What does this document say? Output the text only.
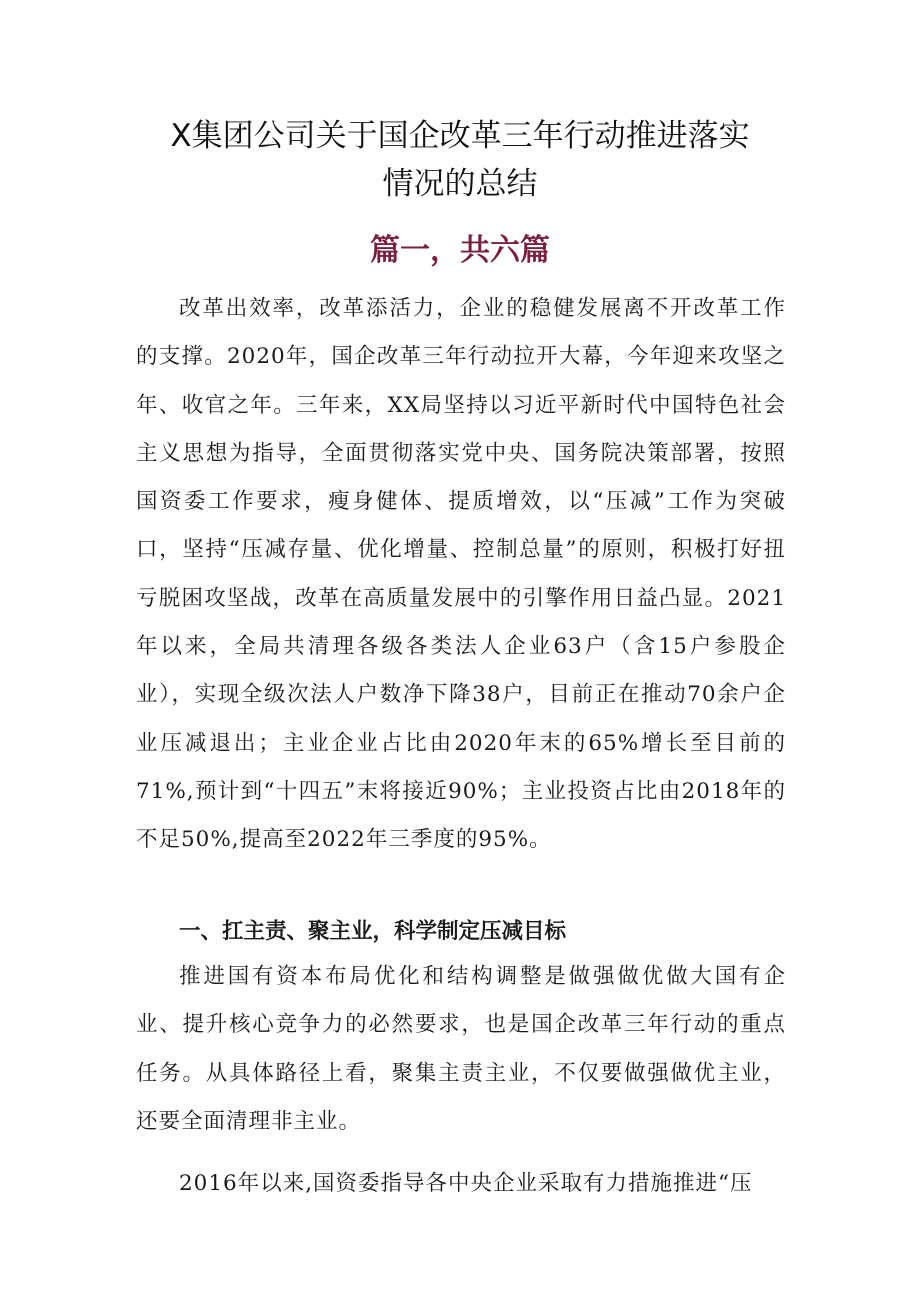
X集团公司关于国企改革三年行动推进落实
情况的总结
篇一，共六篇

改革出效率，改革添活力，企业的稳健发展离不开改革工作的支撑。2020年，国企改革三年行动拉开大幕，今年迎来攻坚之年、收官之年。三年来，XX局坚持以习近平新时代中国特色社会主义思想为指导，全面贯彻落实党中央、国务院决策部署，按照国资委工作要求，瘦身健体、提质增效，以“压减”工作为突破口，坚持“压减存量、优化增量、控制总量”的原则，积极打好扭亏脱困攻坚战，改革在高质量发展中的引擎作用日益凸显。2021年以来，全局共清理各级各类法人企业63户（含15户参股企业），实现全级次法人户数净下降38户，目前正在推动70余户企业压减退出；主业企业占比由2020年末的65%增长至目前的71%,预计到“十四五”末将接近90%；主业投资占比由2018年的不足50%,提高至2022年三季度的95%。

一、扛主责、聚主业，科学制定压减目标

推进国有资本布局优化和结构调整是做强做优做大国有企业、提升核心竞争力的必然要求，也是国企改革三年行动的重点任务。从具体路径上看，聚集主责主业，不仅要做强做优主业，还要全面清理非主业。

2016年以来,国资委指导各中央企业采取有力措施推进“压
